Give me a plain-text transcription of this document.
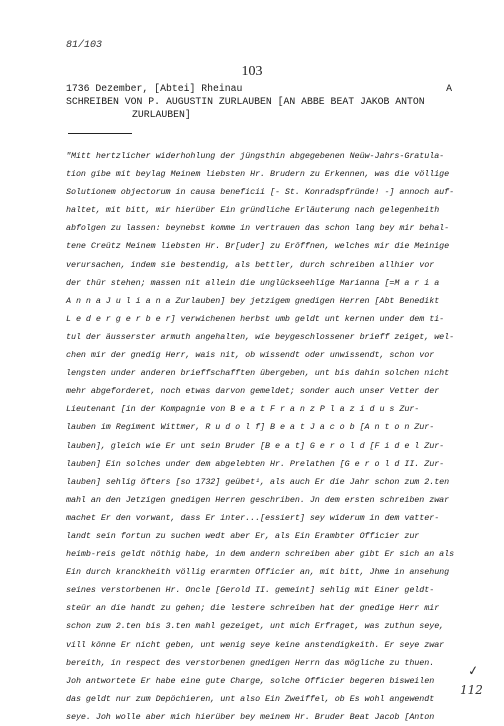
81/103
103
1736 Dezember, [Abtei] Rheinau	A
SCHREIBEN VON P. AUGUSTIN ZURLAUBEN [AN ABBE BEAT JAKOB ANTON
ZURLAUBEN]
"Mitt hertzlicher widerhohlung der jüngsthin abgegebenen Neüw-Jahrs-Gratula-
tion gibe mit beylag Meinem liebsten Hr. Brudern zu Erkennen, was die völlige
Solutionem objectorum in causa beneficii [- St. Konradspfründe! -] annoch auf-
haltet, mit bitt, mir hierüber Ein gründliche Erläuterung nach gelegenheith
abfolgen zu lassen: beynebst komme in vertrauen das schon lang bey mir behal-
tene Creütz Meinem liebsten Hr. Br[uder] zu Eröffnen, welches mir die Meinige
verursachen, indem sie bestendig, als bettler, durch schreiben allhier vor
der thür stehen; massen nit allein die unglückseehlige Marianna [=M a r i a
A n n a J u l i a n a Zurlauben] bey jetzigem gnedigen Herren [Abt Benedikt
L e d e r g e r b e r] verwichenen herbst umb geldt unt kernen under dem ti-
tul der äusserster armuth angehalten, wie beygeschlossener brieff zeiget, wel-
chen mir der gnedig Herr, wais nit, ob wissendt oder unwissendt, schon vor
lengsten under anderen brieffschafften übergeben, unt bis dahin solchen nicht
mehr abgeforderet, noch etwas darvon gemeldet; sonder auch unser Vetter der
Lieutenant [in der Kompagnie von B e a t F r a n z P l a z i d u s Zur-
lauben im Regiment Wittmer, R u d o l f] B e a t J a c o b [A n t o n Zur-
lauben], gleich wie Er unt sein Bruder [B e a t] G e r o l d [F i d e l Zur-
lauben] Ein solches under dem abgelebten Hr. Prelathen [G e r o l d II. Zur-
lauben] sehlig öfters [so 1732] geübet¹, als auch Er die Jahr schon zum 2.ten
mahl an den Jetzigen gnedigen Herren geschriben. Jn dem ersten schreiben zwar
machet Er den vorwant, dass Er inter...[essiert] sey widerum in dem vatter-
landt sein fortun zu suchen wedt aber Er, als Ein Erambter Officier zur
heimb-reis geldt nöthig habe, in dem andern schreiben aber gibt Er sich an als
Ein durch kranckheith völlig erarmten Officier an, mit bitt, Jhme in ansehung
seines verstorbenen Hr. Oncle [Gerold II. gemeint] sehlig mit Einer geldt-
steür an die handt zu gehen; die lestere schreiben hat der gnedige Herr mir
schon zum 2.ten bis 3.ten mahl gezeiget, unt mich Erfraget, was zuthun seye,
vill könne Er nicht geben, unt wenig seye keine anstendigkeith. Er seye zwar
bereith, in respect des verstorbenen gnedigen Herrn das mögliche zu thuen.
Joh antwortete Er habe eine gute Charge, solche Officier begeren bisweilen
das geldt nur zum Depöchieren, unt also Ein Zweiffel, ob Es wohl angewendt
seye. Joh wolle aber mich hierüber bey meinem Hr. Bruder Beat Jacob [Anton
✓
112
